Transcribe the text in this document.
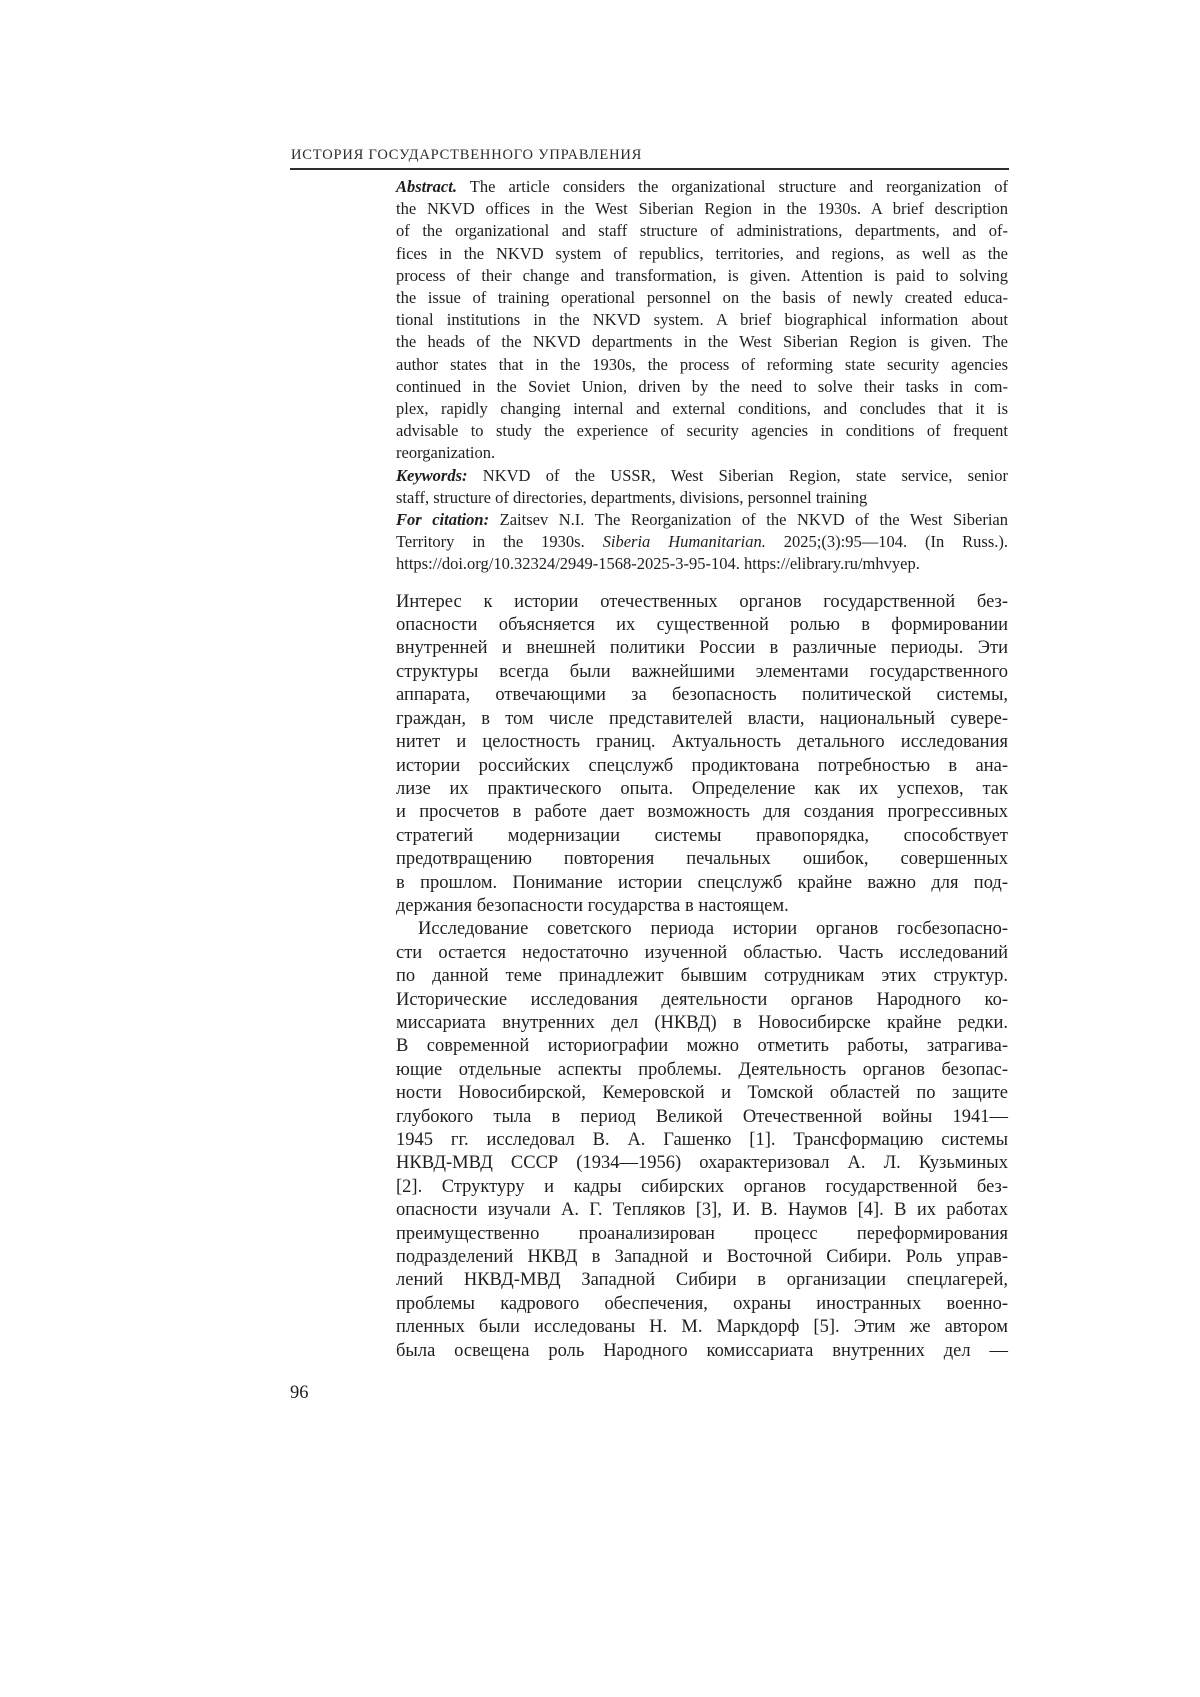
ИСТОРИЯ ГОСУДАРСТВЕННОГО УПРАВЛЕНИЯ
Abstract. The article considers the organizational structure and reorganization of
the NKVD offices in the West Siberian Region in the 1930s. A brief description
of the organizational and staff structure of administrations, departments, and of-
fices in the NKVD system of republics, territories, and regions, as well as the
process of their change and transformation, is given. Attention is paid to solving
the issue of training operational personnel on the basis of newly created educa-
tional institutions in the NKVD system. A brief biographical information about
the heads of the NKVD departments in the West Siberian Region is given. The
author states that in the 1930s, the process of reforming state security agencies
continued in the Soviet Union, driven by the need to solve their tasks in com-
plex, rapidly changing internal and external conditions, and concludes that it is
advisable to study the experience of security agencies in conditions of frequent
reorganization.
Keywords: NKVD of the USSR, West Siberian Region, state service, senior
staff, structure of directories, departments, divisions, personnel training
For citation: Zaitsev N.I. The Reorganization of the NKVD of the West Siberian
Territory in the 1930s. Siberia Humanitarian. 2025;(3):95—104. (In Russ.).
https://doi.org/10.32324/2949-1568-2025-3-95-104. https://elibrary.ru/mhvyep.
Интерес к истории отечественных органов государственной без-
опасности объясняется их существенной ролью в формировании
внутренней и внешней политики России в различные периоды. Эти
структуры всегда были важнейшими элементами государственного
аппарата, отвечающими за безопасность политической системы,
граждан, в том числе представителей власти, национальный сувере-
нитет и целостность границ. Актуальность детального исследования
истории российских спецслужб продиктована потребностью в ана-
лизе их практического опыта. Определение как их успехов, так
и просчетов в работе дает возможность для создания прогрессивных
стратегий модернизации системы правопорядка, способствует
предотвращению повторения печальных ошибок, совершенных
в прошлом. Понимание истории спецслужб крайне важно для под-
держания безопасности государства в настоящем.
Исследование советского периода истории органов госбезопасно-
сти остается недостаточно изученной областью. Часть исследований
по данной теме принадлежит бывшим сотрудникам этих структур.
Исторические исследования деятельности органов Народного ко-
миссариата внутренних дел (НКВД) в Новосибирске крайне редки.
В современной историографии можно отметить работы, затрагива-
ющие отдельные аспекты проблемы. Деятельность органов безопас-
ности Новосибирской, Кемеровской и Томской областей по защите
глубокого тыла в период Великой Отечественной войны 1941—
1945 гг. исследовал В. А. Гашенко [1]. Трансформацию системы
НКВД-МВД СССР (1934—1956) охарактеризовал А. Л. Кузьминых
[2]. Структуру и кадры сибирских органов государственной без-
опасности изучали А. Г. Тепляков [3], И. В. Наумов [4]. В их работах
преимущественно проанализирован процесс переформирования
подразделений НКВД в Западной и Восточной Сибири. Роль управ-
лений НКВД-МВД Западной Сибири в организации спецлагерей,
проблемы кадрового обеспечения, охраны иностранных военно-
пленных были исследованы Н. М. Маркдорф [5]. Этим же автором
была освещена роль Народного комиссариата внутренних дел —
96
